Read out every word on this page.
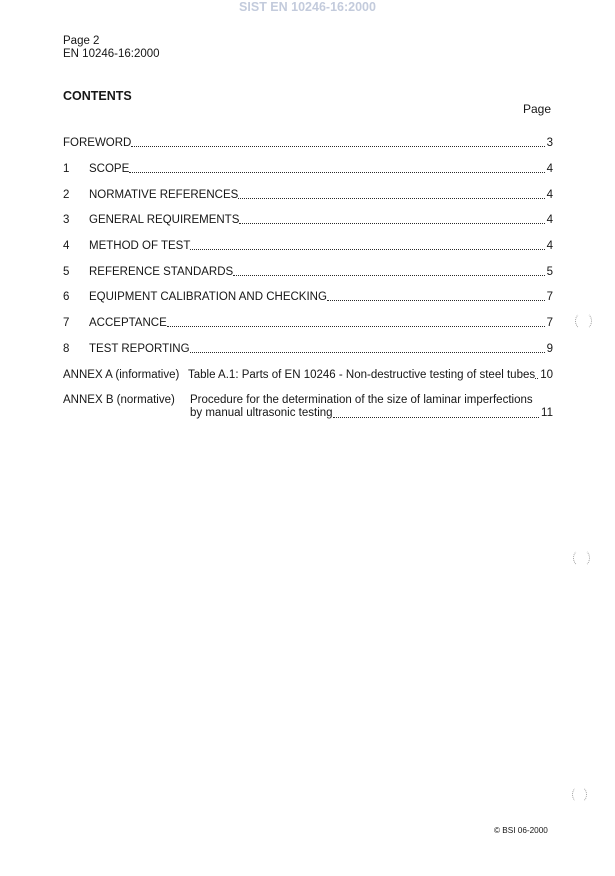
SIST EN 10246-16:2000
Page 2
EN 10246-16:2000
CONTENTS
Page
FOREWORD	3
1	SCOPE	4
2	NORMATIVE REFERENCES	4
3	GENERAL REQUIREMENTS	4
4	METHOD OF TEST	4
5	REFERENCE STANDARDS	5
6	EQUIPMENT CALIBRATION AND CHECKING	7
7	ACCEPTANCE	7
8	TEST REPORTING	9
ANNEX A (informative) Table A.1: Parts of EN 10246 - Non-destructive testing of steel tubes 10
ANNEX B (normative)	Procedure for the determination of the size of laminar imperfections
by manual ultrasonic testing	11
© BSI 06-2000
